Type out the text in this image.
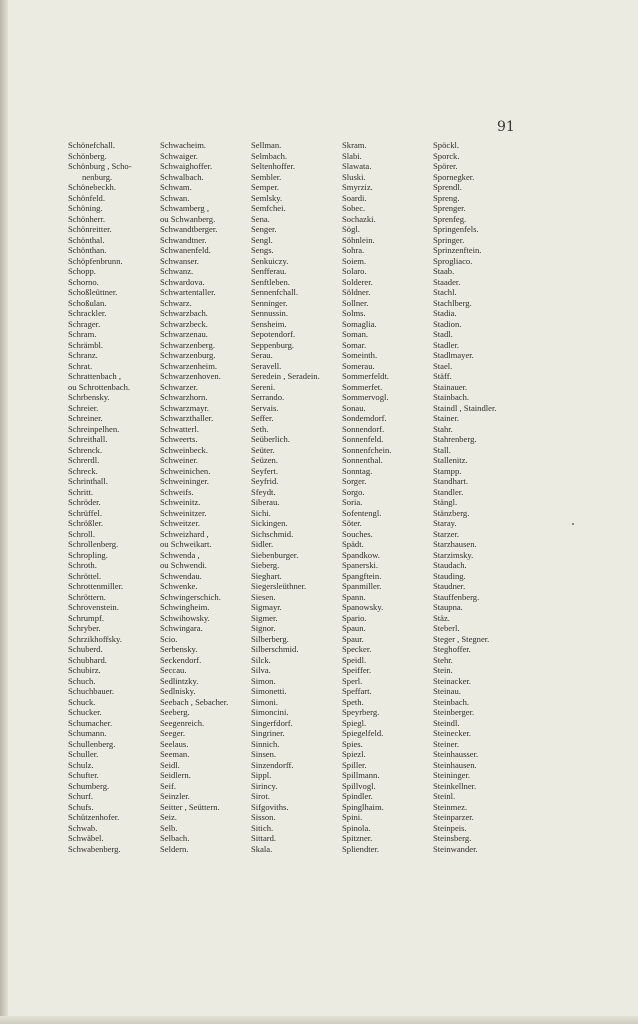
91
Schönefchall.
Schönberg.
Schönburg , Scho-
nenburg.
Schönebeckh.
Schönfeld.
Schöning.
Schönherr.
Schönreitter.
Schönthal.
Schönthan.
Schöpfenbrunn.
Schopp.
Schorno.
Schoßleüttner.
Schoßulan.
Schrackler.
Schrager.
Schram.
Schrämbl.
Schranz.
Schrat.
Schrattenbach ,
ou Schrottenbach.
Schrbensky.
Schreier.
Schreiner.
Schreinpelhen.
Schreithall.
Schrenck.
Schrerdl.
Schreck.
Schrinthall.
Schritt.
Schröder.
Schrüffel.
Schrößler.
Schroll.
Schrollenberg.
Schropling.
Schroth.
Schröttel.
Schrottenmiller.
Schröttern.
Schrovenstein.
Schrumpf.
Schryber.
Schrzikhoffsky.
Schuberd.
Schubhard.
Schubirz.
Schuch.
Schuchbauer.
Schuck.
Schucker.
Schumacher.
Schumann.
Schullenberg.
Schuller.
Schulz.
Schufter.
Schumberg.
Schurf.
Schufs.
Schützenhofer.
Schwab.
Schwäbel.
Schwabenberg.
Schwacheim.
Schwaiger.
Schwaighoffer.
Schwalbach.
Schwam.
Schwan.
Schwamberg ,
ou Schwanberg.
Schwandtberger.
Schwandtner.
Schwanenfeld.
Schwanser.
Schwanz.
Schwardova.
Schwartentaller.
Schwarz.
Schwarzbach.
Schwarzbeck.
Schwarzenau.
Schwarzenberg.
Schwarzenburg.
Schwarzenheim.
Schwarzenhoven.
Schwarzer.
Schwarzhorn.
Schwarzmayr.
Schwarzthaller.
Schwatterl.
Schweerts.
Schweinbeck.
Schweiner.
Schweinichen.
Schweininger.
Schweifs.
Schweinitz.
Schweinitzer.
Schweitzer.
Schweizhard ,
ou Schweikart.
Schwenda ,
ou Schwendi.
Schwendau.
Schwenke.
Schwingerschich.
Schwingheim.
Schwihowsky.
Schwingara.
Scio.
Serbensky.
Seckendorf.
Seccau.
Sedlintzky.
Sedlnisky.
Seebach , Sebacher.
Seeberg.
Seegenreich.
Seeger.
Seelaus.
Seeman.
Seidl.
Seidlern.
Seif.
Seinzler.
Seitter , Seüttern.
Seiz.
Selb.
Selbach.
Seldern.
Sellman.
Selmbach.
Seltenhoffer.
Sembler.
Semper.
Semlsky.
Semfchei.
Sena.
Senger.
Sengl.
Sengs.
Senkuiczy.
Senfferau.
Senftleben.
Sennenfchall.
Senninger.
Sennussin.
Sensheim.
Sepotendorf.
Seppenburg.
Serau.
Seravell.
Seredein , Seradein.
Sereni.
Serrando.
Servais.
Seffer.
Seth.
Seüberlich.
Seüter.
Seüzen.
Seyfert.
Seyfrid.
Sfeydt.
Siberau.
Sichi.
Sickingen.
Sichschmid.
Sidler.
Siebenburger.
Sieberg.
Sieghart.
Siegersleüthner.
Siesen.
Sigmayr.
Sigmer.
Signor.
Silberberg.
Silberschmid.
Silck.
Silva.
Simon.
Simonetti.
Simoni.
Simoncini.
Singerfdorf.
Singriner.
Sinnich.
Sinsen.
Sinzendorff.
Sippl.
Sirincy.
Sirot.
Sifgoviths.
Sisson.
Sitich.
Sittard.
Skala.
Skram.
Slabi.
Slawata.
Sluski.
Smyrziz.
Soardi.
Sobec.
Sochazki.
Sögl.
Söhnlein.
Sohra.
Soiem.
Solaro.
Solderer.
Söldner.
Sollner.
Solms.
Somaglia.
Soman.
Somar.
Someinth.
Somerau.
Sommerfeldt.
Sommerfet.
Sommervogl.
Sonau.
Sondemdorf.
Sonnendorf.
Sonnenfeld.
Sonnenfchein.
Sonnenthal.
Sonntag.
Sorger.
Sorgo.
Soria.
Sofentengl.
Söter.
Souches.
Spädt.
Spandkow.
Spanerski.
Spangftein.
Spanmiller.
Spann.
Spanowsky.
Spario.
Spaun.
Spaur.
Specker.
Speidl.
Speiffer.
Sperl.
Speffart.
Speth.
Speyrberg.
Spiegl.
Spiegelfeld.
Spies.
Spiezl.
Spiller.
Spillmann.
Spillvogl.
Spindler.
Spinglhaim.
Spini.
Spinola.
Spitzner.
Spliendter.
Spöckl.
Sporck.
Spörer.
Spornegker.
Sprendl.
Spreng.
Sprenger.
Sprenfeg.
Springenfels.
Springer.
Sprinzenftein.
Sprogliaco.
Staab.
Staader.
Stachl.
Stachlberg.
Stadia.
Stadion.
Stadl.
Stadler.
Stadlmayer.
Stael.
Stäff.
Stainauer.
Stainbach.
Staindl , Staindler.
Stainer.
Stahr.
Stahrenberg.
Stall.
Stallenitz.
Stampp.
Standhart.
Standler.
Stängl.
Stänzberg.
Staray.
Starzer.
Starzhausen.
Starzimsky.
Staudach.
Stauding.
Staudner.
Stauffenberg.
Staupna.
Stäz.
Steberl.
Steger , Stegner.
Steghoffer.
Stehr.
Stein.
Steinacker.
Steinau.
Steinbach.
Steinberger.
Steindl.
Steinecker.
Steiner.
Steinhausser.
Steinhausen.
Steininger.
Steinkellner.
Steinl.
Steinmez.
Steinparzer.
Steinpeis.
Steinsberg.
Steinwander.
